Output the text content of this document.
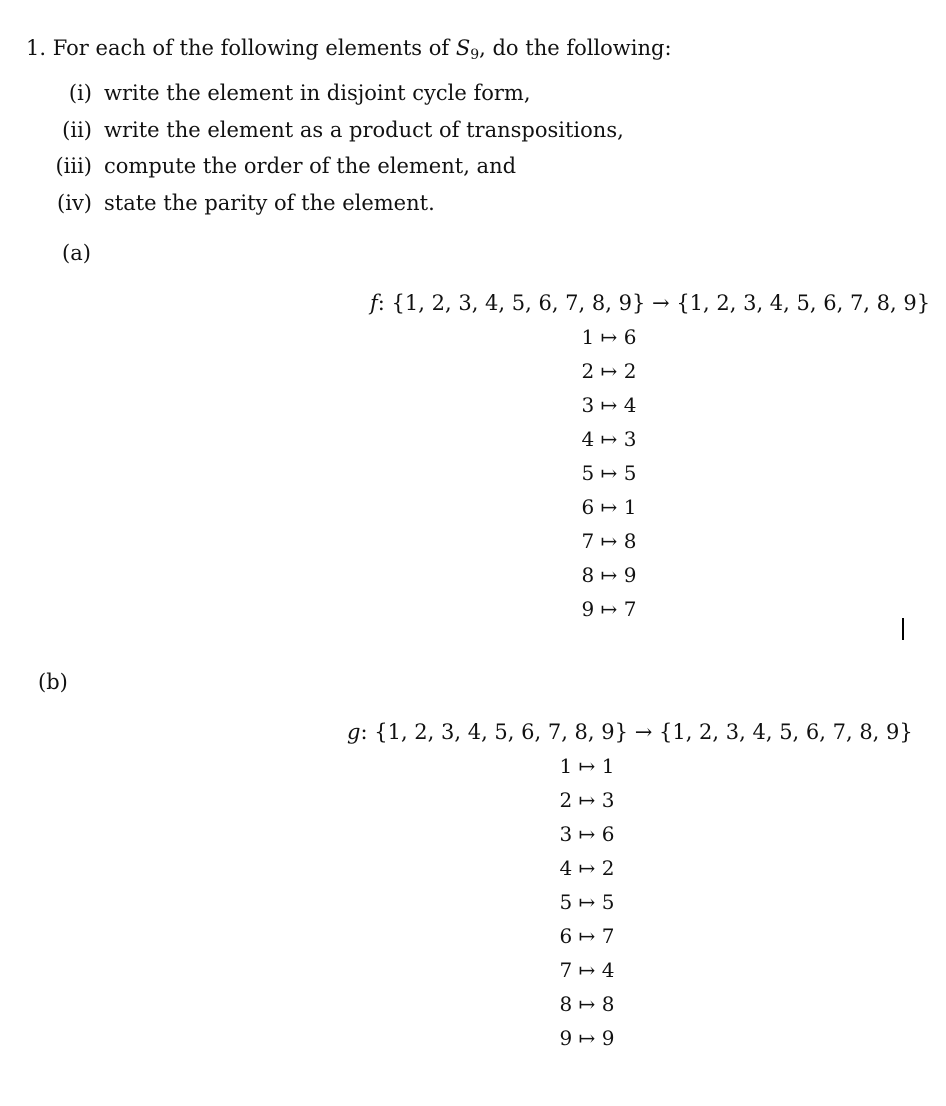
1. For each of the following elements of $S_9$, do the following:
(i) write the element in disjoint cycle form,
(ii) write the element as a product of transpositions,
(iii) compute the order of the element, and
(iv) state the parity of the element.
(a)
f: {1, 2, 3, 4, 5, 6, 7, 8, 9} → {1, 2, 3, 4, 5, 6, 7, 8, 9}
1 ↦ 6
2 ↦ 2
3 ↦ 4
4 ↦ 3
5 ↦ 5
6 ↦ 1
7 ↦ 8
8 ↦ 9
9 ↦ 7
(b)
g: {1, 2, 3, 4, 5, 6, 7, 8, 9} → {1, 2, 3, 4, 5, 6, 7, 8, 9}
1 ↦ 1
2 ↦ 3
3 ↦ 6
4 ↦ 2
5 ↦ 5
6 ↦ 7
7 ↦ 4
8 ↦ 8
9 ↦ 9
